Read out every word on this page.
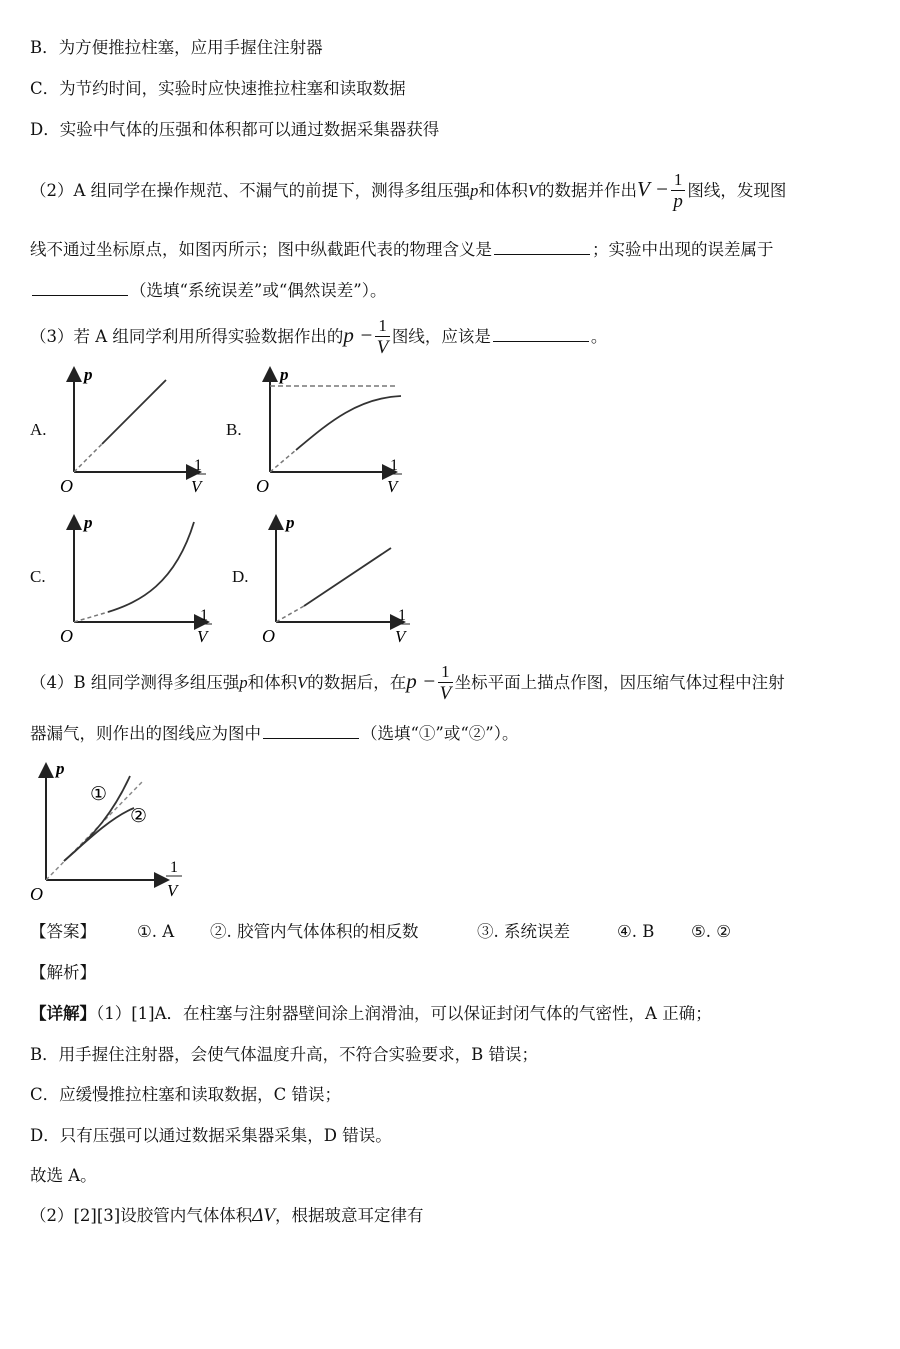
B．为方便推拉柱塞，应用手握住注射器
C．为节约时间，实验时应快速推拉柱塞和读取数据
D．实验中气体的压强和体积都可以通过数据采集器获得
（2）A 组同学在操作规范、不漏气的前提下，测得多组压强p和体积V的数据并作出$V - \frac{1}{p}$ 图线，发现图
线不通过坐标原点，如图丙所示；图中纵截距代表的物理含义是	；实验中出现的误差属于
（选填“系统误差”或“偶然误差”）。
（3）若 A 组同学利用所得实验数据作出的$p - \frac{1}{V}$ 图线，应该是	。
A.	B.
C.	D.
p
O
1
V
p
O
1
V
p
O
1
V
p
O
1
V
（4）B 组同学测得多组压强p和体积V的数据后，在$p - \frac{1}{V}$ 坐标平面上描点作图，因压缩气体过程中注射
器漏气，则作出的图线应为图中	（选填“①”或“②”）。
①
②
p
O
1
V
【答案】 ①. A ②. 胶管内气体体积的相反数	③. 系统误差	④. B ⑤. ②
【解析】
【详解】（1）[1]A．在柱塞与注射器壁间涂上润滑油，可以保证封闭气体的气密性，A 正确；
B．用手握住注射器，会使气体温度升高，不符合实验要求，B 错误；
C．应缓慢推拉柱塞和读取数据，C 错误；
D．只有压强可以通过数据采集器采集，D 错误。
故选 A。
（2）[2][3]设胶管内气体体积ΔV，根据玻意耳定律有
